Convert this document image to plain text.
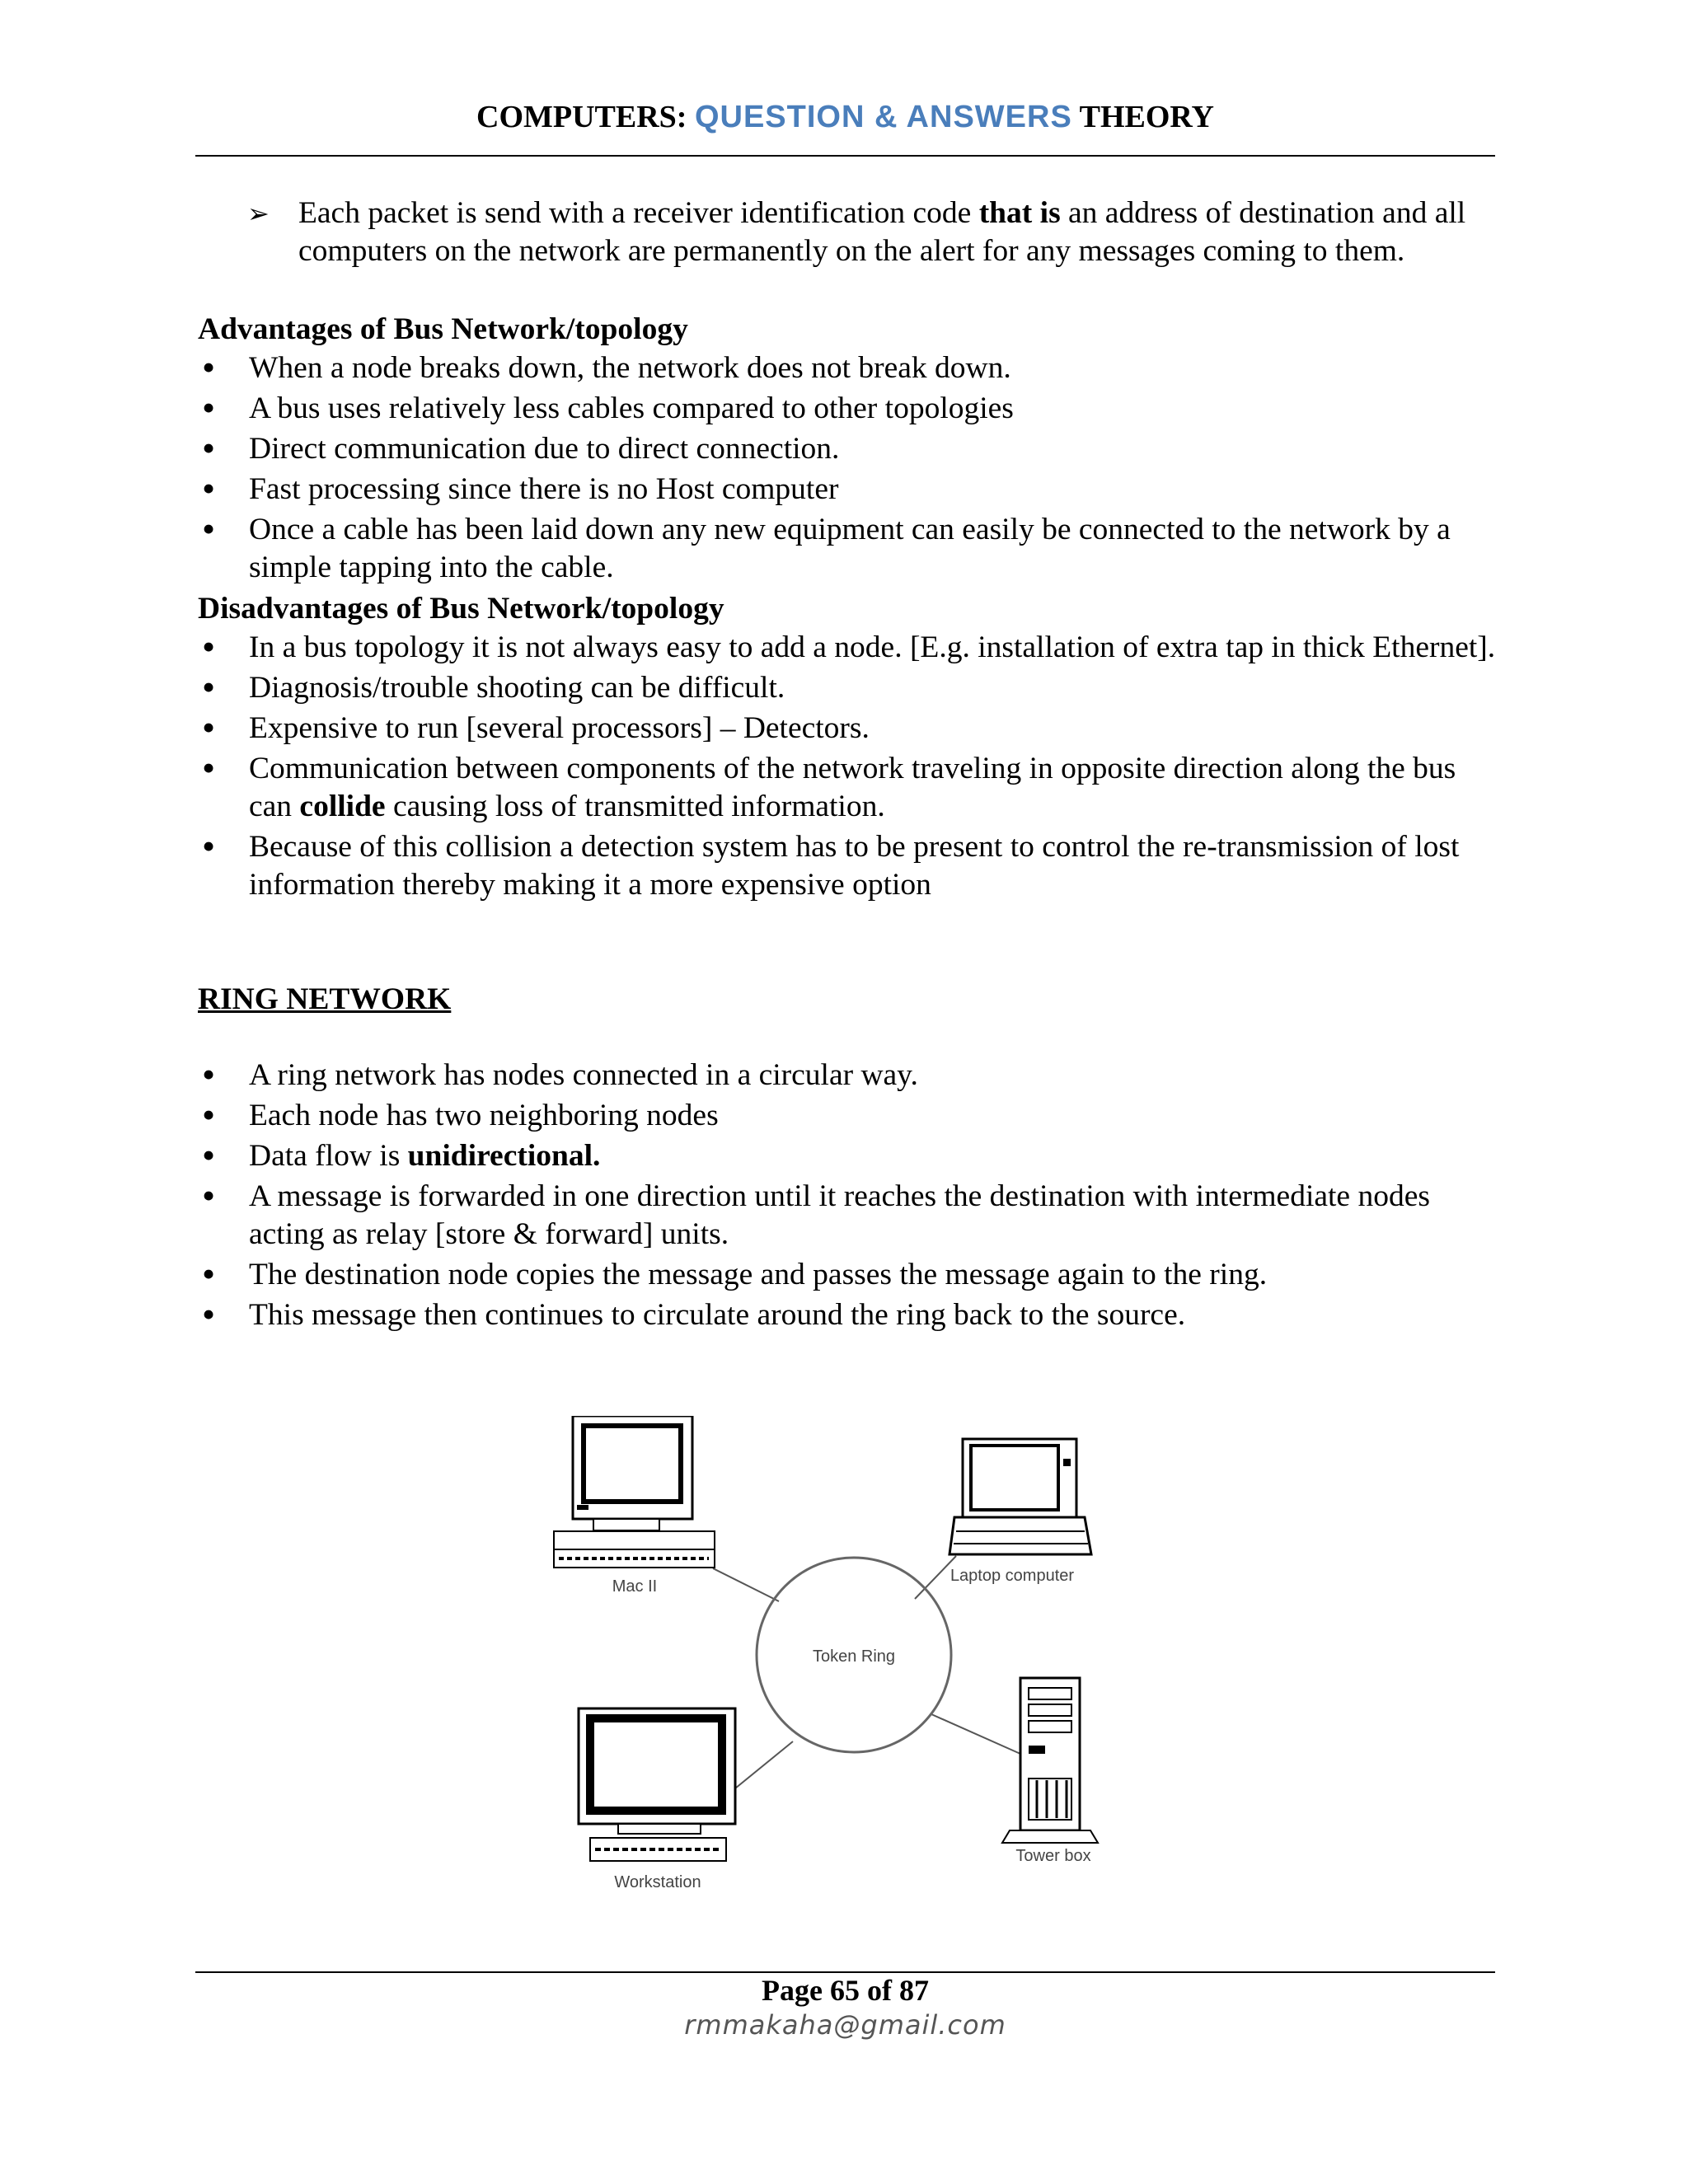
COMPUTERS: QUESTION & ANSWERS THEORY
➢ Each packet is send with a receiver identification code that is an address of destination and all computers on the network are permanently on the alert for any messages coming to them.
Advantages of Bus Network/topology
• When a node breaks down, the network does not break down.
• A bus uses relatively less cables compared to other topologies
• Direct communication due to direct connection.
• Fast processing since there is no Host computer
• Once a cable has been laid down any new equipment can easily be connected to the network by a simple tapping into the cable.
Disadvantages of Bus Network/topology
• In a bus topology it is not always easy to add a node. [E.g. installation of extra tap in thick Ethernet].
• Diagnosis/trouble shooting can be difficult.
• Expensive to run [several processors] – Detectors.
• Communication between components of the network traveling in opposite direction along the bus can collide causing loss of transmitted information.
• Because of this collision a detection system has to be present to control the re-transmission of lost information thereby making it a more expensive option
RING NETWORK
• A ring network has nodes connected in a circular way.
• Each node has two neighboring nodes
• Data flow is unidirectional.
• A message is forwarded in one direction until it reaches the destination with intermediate nodes acting as relay [store & forward] units.
• The destination node copies the message and passes the message again to the ring.
• This message then continues to circulate around the ring back to the source.
Token Ring
Mac II
Laptop computer
Workstation
Tower box
Page 65 of 87
rmmakaha@gmail.com
